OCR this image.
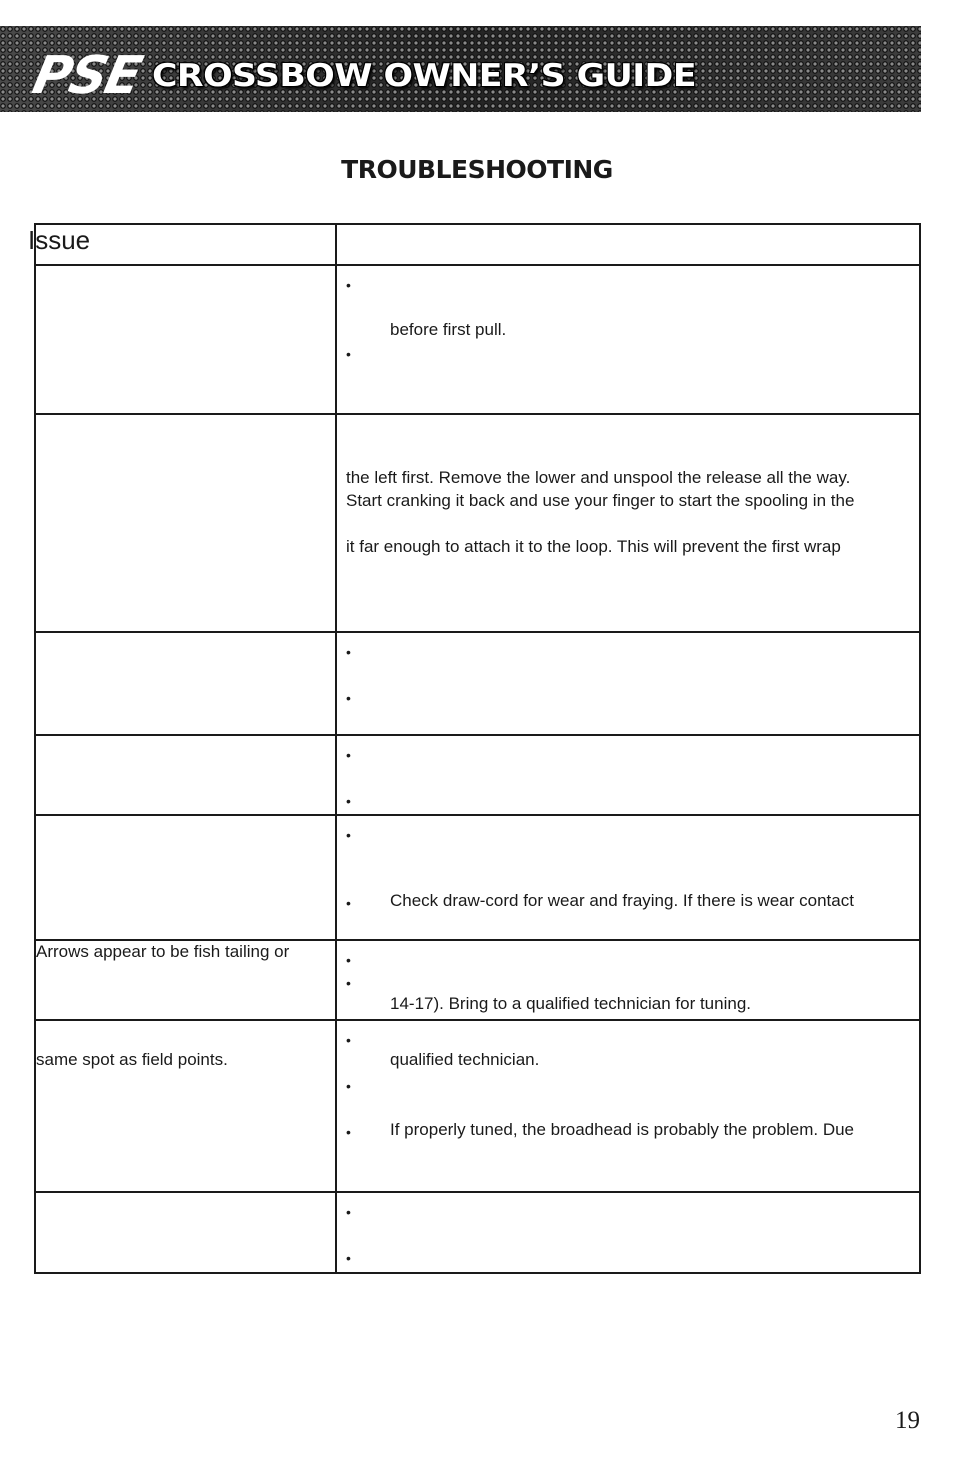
PSE CROSSBOW OWNER’S GUIDE
TROUBLESHOOTING
Issue	

	•
before first pull.
•

	the left first. Remove the lower and unspool the release all the way.
Start cranking it back and use your finger to start the spooling in the
it far enough to attach it to the loop. This will prevent the first wrap

	•
•

	•
•

	•
• Check draw-cord for wear and fraying. If there is wear contact

Arrows appear to be fish tailing or	•
•
14-17). Bring to a qualified technician for tuning.

same spot as field points.	•
qualified technician.
•
• If properly tuned, the broadhead is probably the problem. Due

	•
•
19
